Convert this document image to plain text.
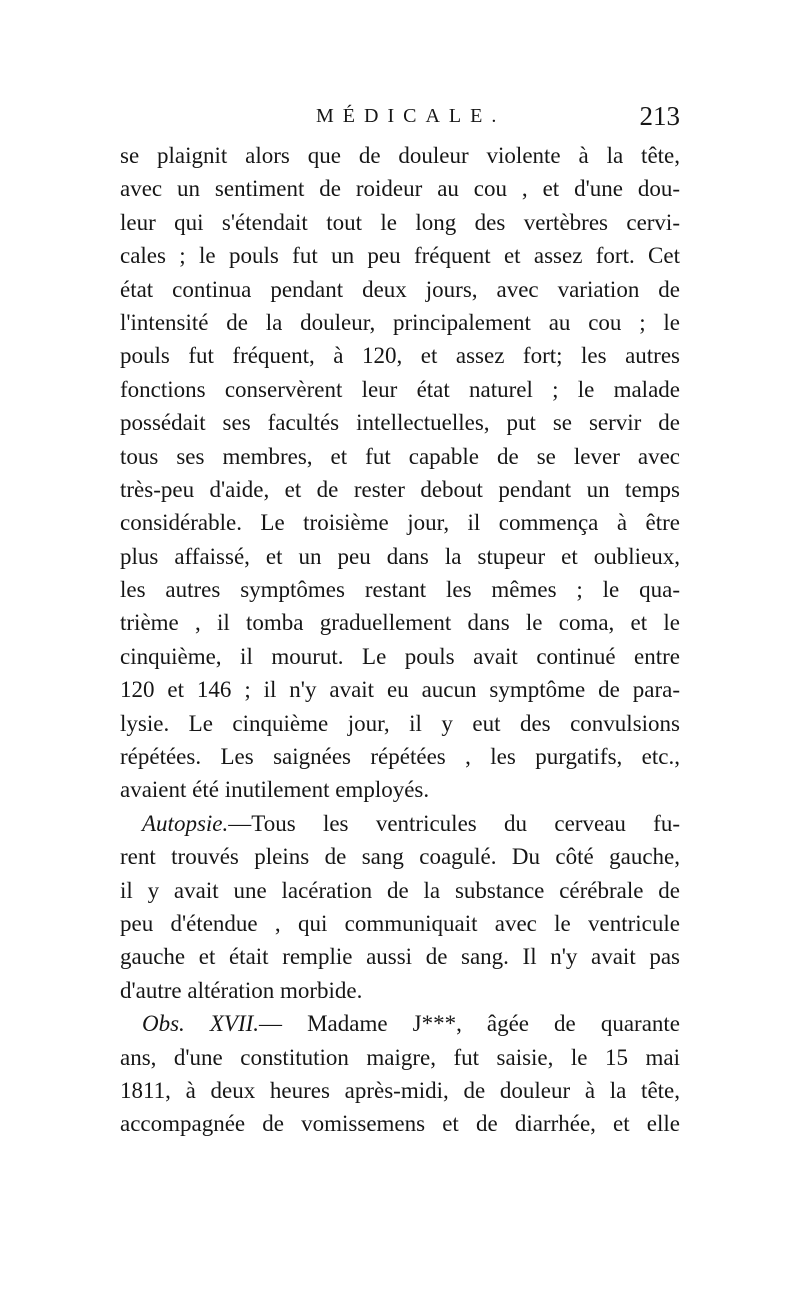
MÉDICALE.	213
se plaignit alors que de douleur violente à la tête,
avec un sentiment de roideur au cou , et d'une dou-
leur qui s'étendait tout le long des vertèbres cervi-
cales ; le pouls fut un peu fréquent et assez fort. Cet
état continua pendant deux jours, avec variation de
l'intensité de la douleur, principalement au cou ; le
pouls fut fréquent, à 120, et assez fort; les autres
fonctions conservèrent leur état naturel ; le malade
possédait ses facultés intellectuelles, put se servir de
tous ses membres, et fut capable de se lever avec
très-peu d'aide, et de rester debout pendant un temps
considérable. Le troisième jour, il commença à être
plus affaissé, et un peu dans la stupeur et oublieux,
les autres symptômes restant les mêmes ; le qua-
trième , il tomba graduellement dans le coma, et le
cinquième, il mourut. Le pouls avait continué entre
120 et 146 ; il n'y avait eu aucun symptôme de para-
lysie. Le cinquième jour, il y eut des convulsions
répétées. Les saignées répétées , les purgatifs, etc.,
avaient été inutilement employés.
Autopsie.—Tous les ventricules du cerveau fu-
rent trouvés pleins de sang coagulé. Du côté gauche,
il y avait une lacération de la substance cérébrale de
peu d'étendue , qui communiquait avec le ventricule
gauche et était remplie aussi de sang. Il n'y avait pas
d'autre altération morbide.
Obs. XVII.— Madame J***, âgée de quarante
ans, d'une constitution maigre, fut saisie, le 15 mai
1811, à deux heures après-midi, de douleur à la tête,
accompagnée de vomissemens et de diarrhée, et elle
